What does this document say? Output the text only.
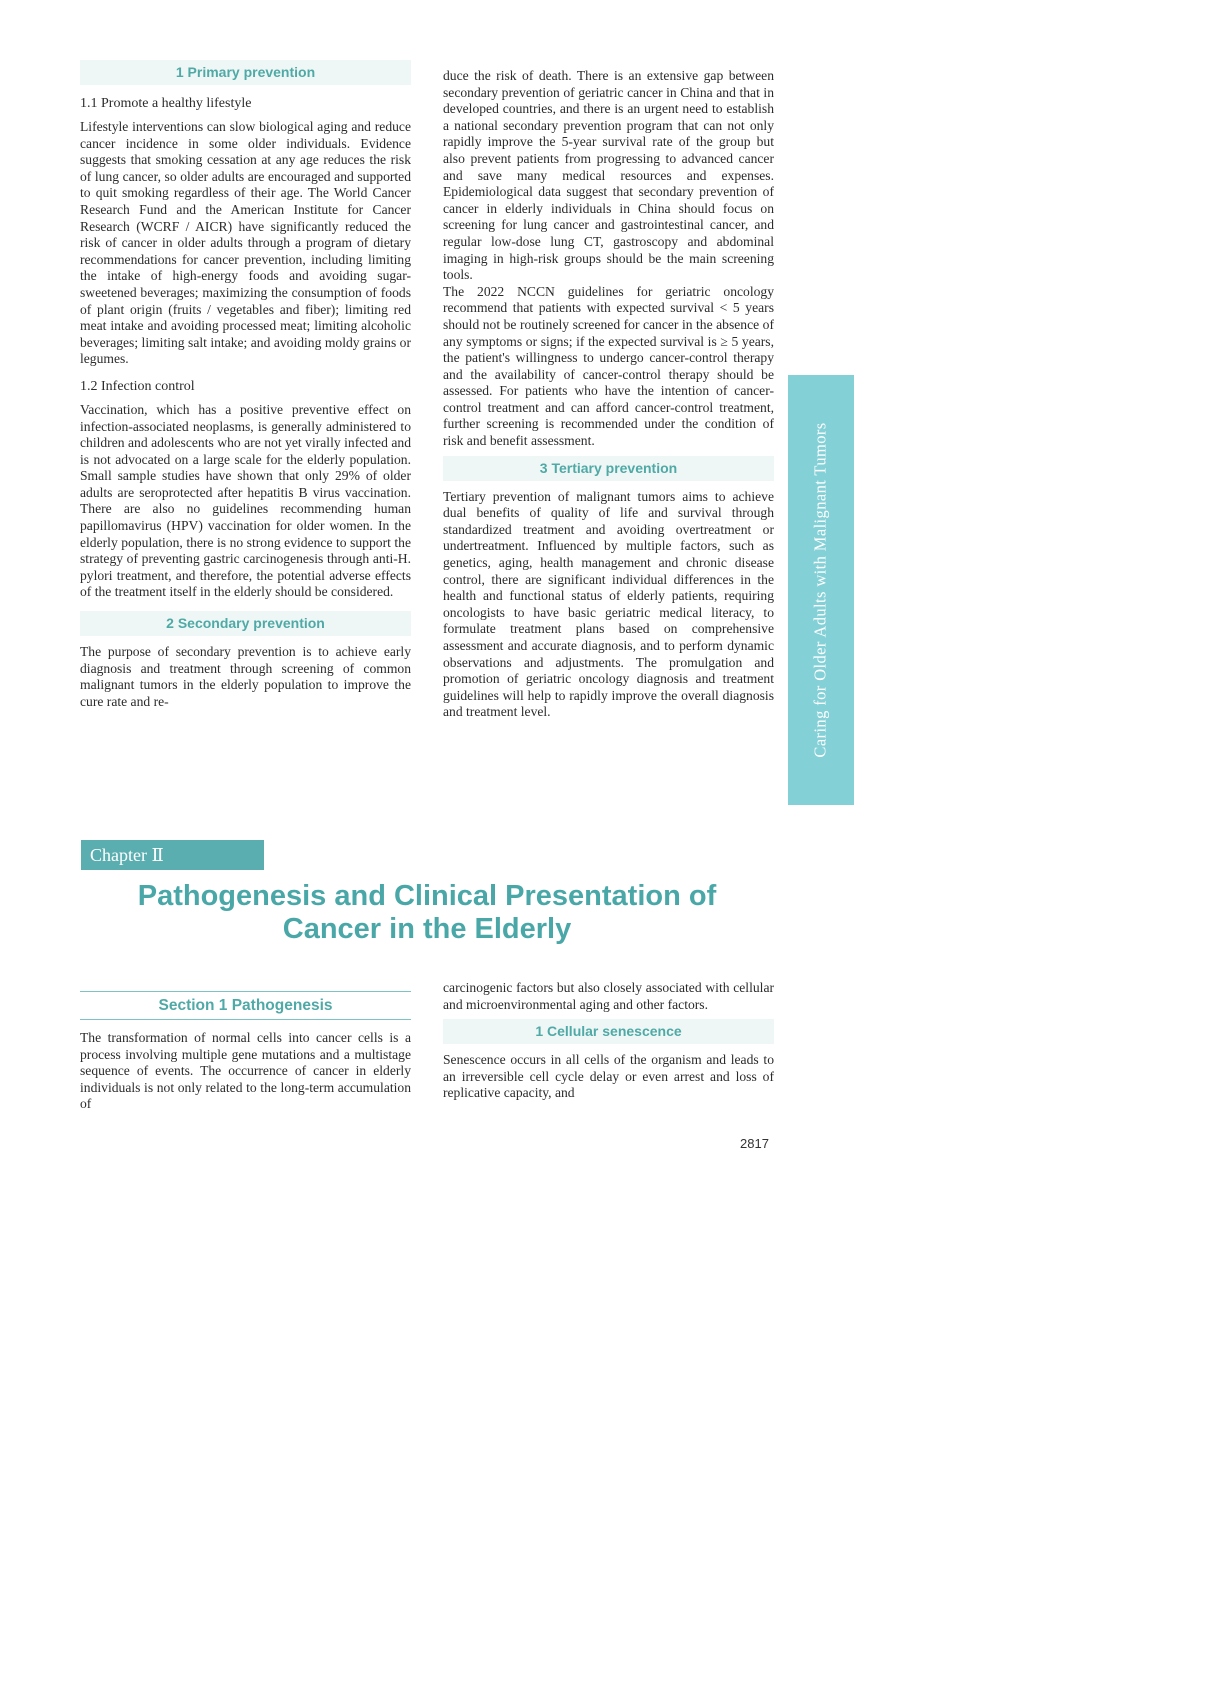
1 Primary prevention
1.1 Promote a healthy lifestyle

Lifestyle interventions can slow biological aging and reduce cancer incidence in some older individuals. Evidence suggests that smoking cessation at any age reduces the risk of lung cancer, so older adults are encouraged and supported to quit smoking regardless of their age. The World Cancer Research Fund and the American Institute for Cancer Research (WCRF / AICR) have significantly reduced the risk of cancer in older adults through a program of dietary recommendations for cancer prevention, including limiting the intake of high-energy foods and avoiding sugar-sweetened beverages; maximizing the consumption of foods of plant origin (fruits / vegetables and fiber); limiting red meat intake and avoiding processed meat; limiting alcoholic beverages; limiting salt intake; and avoiding moldy grains or legumes.

1.2 Infection control

Vaccination, which has a positive preventive effect on infection-associated neoplasms, is generally administered to children and adolescents who are not yet virally infected and is not advocated on a large scale for the elderly population. Small sample studies have shown that only 29% of older adults are seroprotected after hepatitis B virus vaccination. There are also no guidelines recommending human papillomavirus (HPV) vaccination for older women. In the elderly population, there is no strong evidence to support the strategy of preventing gastric carcinogenesis through anti-H. pylori treatment, and therefore, the potential adverse effects of the treatment itself in the elderly should be considered.

2 Secondary prevention

The purpose of secondary prevention is to achieve early diagnosis and treatment through screening of common malignant tumors in the elderly population to improve the cure rate and re-

duce the risk of death. There is an extensive gap between secondary prevention of geriatric cancer in China and that in developed countries, and there is an urgent need to establish a national secondary prevention program that can not only rapidly improve the 5-year survival rate of the group but also prevent patients from progressing to advanced cancer and save many medical resources and expenses. Epidemiological data suggest that secondary prevention of cancer in elderly individuals in China should focus on screening for lung cancer and gastrointestinal cancer, and regular low-dose lung CT, gastroscopy and abdominal imaging in high-risk groups should be the main screening tools.

The 2022 NCCN guidelines for geriatric oncology recommend that patients with expected survival < 5 years should not be routinely screened for cancer in the absence of any symptoms or signs; if the expected survival is ≥ 5 years, the patient's willingness to undergo cancer-control therapy and the availability of cancer-control therapy should be assessed. For patients who have the intention of cancer-control treatment and can afford cancer-control treatment, further screening is recommended under the condition of risk and benefit assessment.

3 Tertiary prevention

Tertiary prevention of malignant tumors aims to achieve dual benefits of quality of life and survival through standardized treatment and avoiding overtreatment or undertreatment. Influenced by multiple factors, such as genetics, aging, health management and chronic disease control, there are significant individual differences in the health and functional status of elderly patients, requiring oncologists to have basic geriatric medical literacy, to formulate treatment plans based on comprehensive assessment and accurate diagnosis, and to perform dynamic observations and adjustments. The promulgation and promotion of geriatric oncology diagnosis and treatment guidelines will help to rapidly improve the overall diagnosis and treatment level.	Caring for Older Adults with Malignant Tumors
Chapter Ⅱ
Pathogenesis and Clinical Presentation of
Cancer in the Elderly
Section 1 Pathogenesis

The transformation of normal cells into cancer cells is a process involving multiple gene mutations and a multistage sequence of events. The occurrence of cancer in elderly individuals is not only related to the long-term accumulation of

carcinogenic factors but also closely associated with cellular and microenvironmental aging and other factors.

1 Cellular senescence

Senescence occurs in all cells of the organism and leads to an irreversible cell cycle delay or even arrest and loss of replicative capacity, and

2817
